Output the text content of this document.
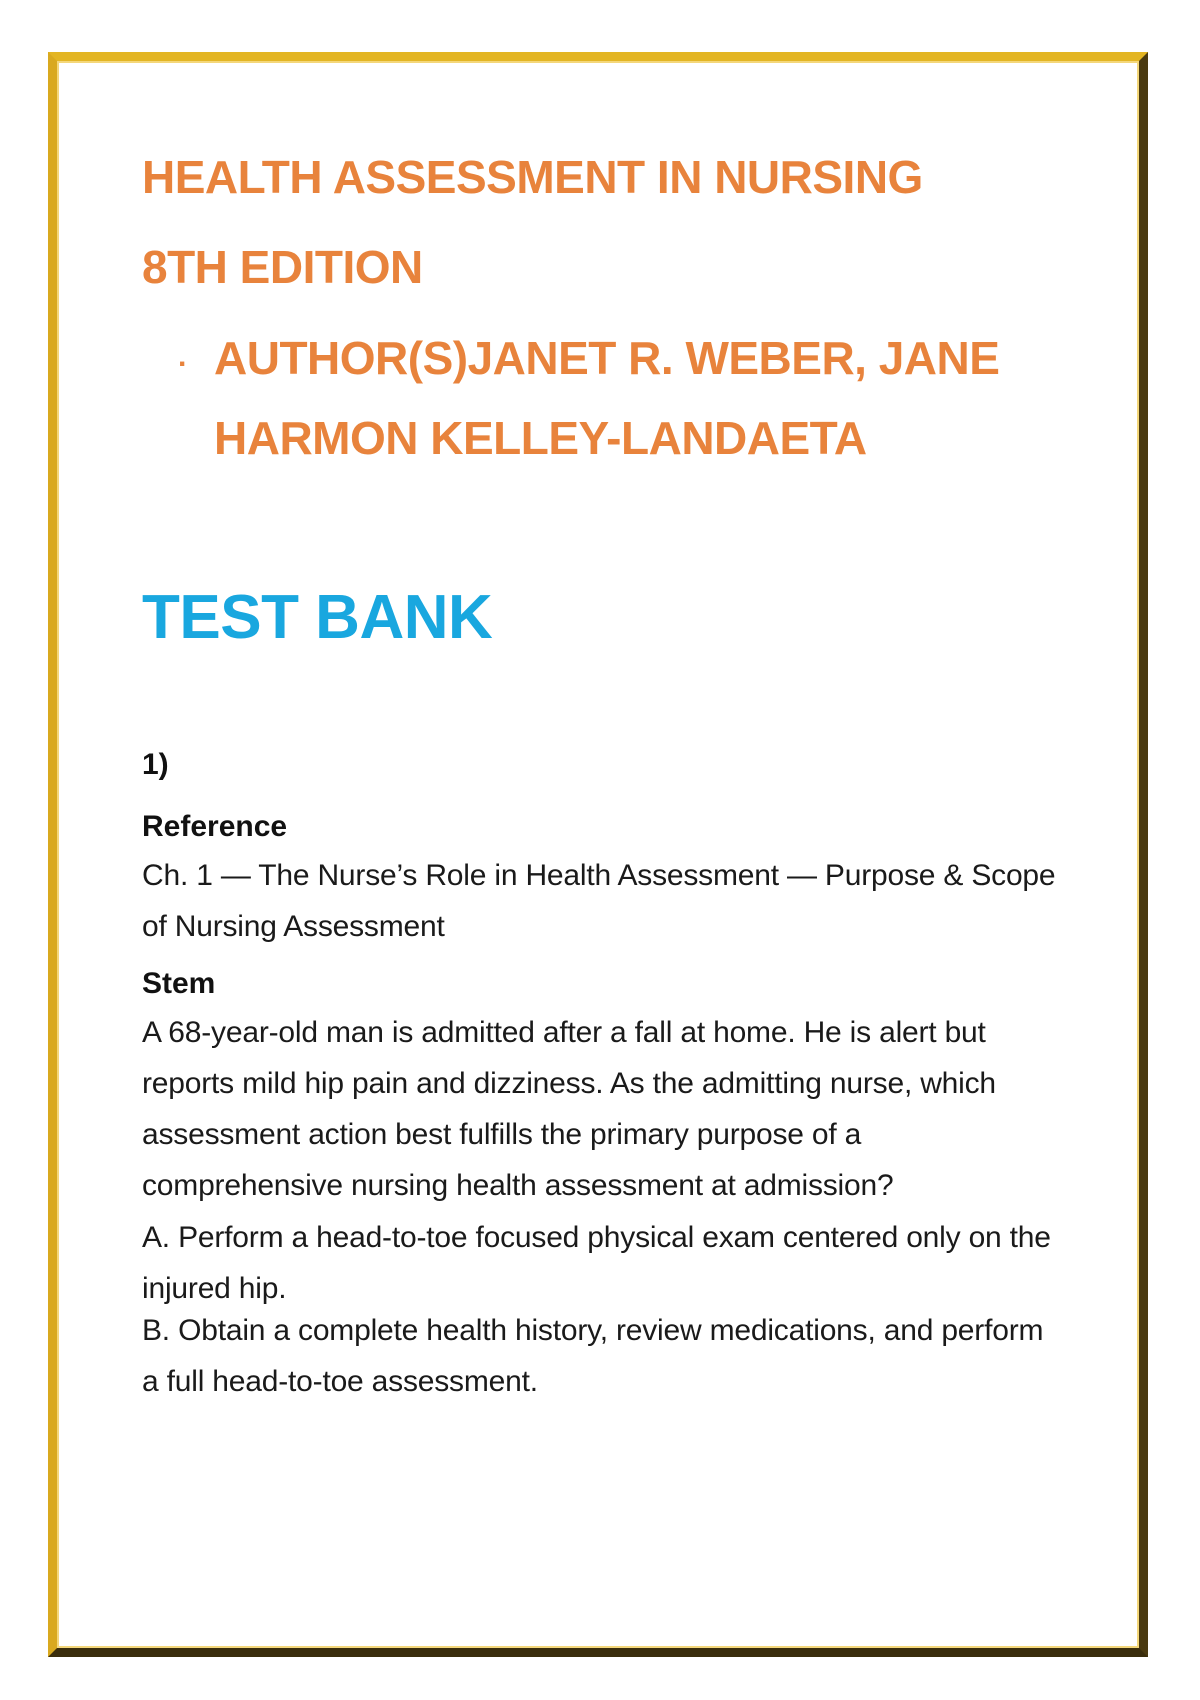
HEALTH ASSESSMENT IN NURSING
8TH EDITION
. AUTHOR(S)JANET R. WEBER, JANE HARMON KELLEY-LANDAETA
TEST BANK
1)
Reference
Ch. 1 — The Nurse’s Role in Health Assessment — Purpose & Scope of Nursing Assessment
Stem
A 68-year-old man is admitted after a fall at home. He is alert but reports mild hip pain and dizziness. As the admitting nurse, which assessment action best fulfills the primary purpose of a comprehensive nursing health assessment at admission?
A. Perform a head-to-toe focused physical exam centered only on the injured hip.
B. Obtain a complete health history, review medications, and perform a full head-to-toe assessment.
